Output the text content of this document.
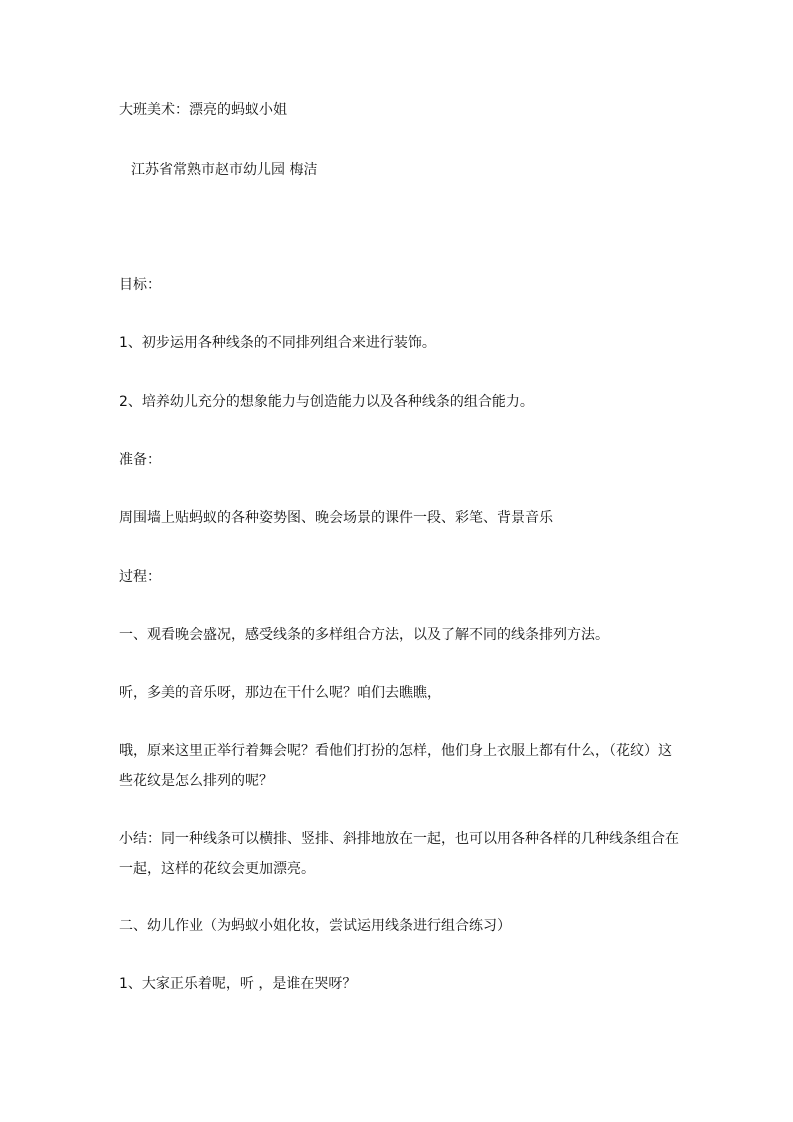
大班美术：漂亮的蚂蚁小姐
江苏省常熟市赵市幼儿园 梅洁
目标：
1、初步运用各种线条的不同排列组合来进行装饰。
2、培养幼儿充分的想象能力与创造能力以及各种线条的组合能力。
准备：
周围墙上贴蚂蚁的各种姿势图、晚会场景的课件一段、彩笔、背景音乐
过程：
一、观看晚会盛况，感受线条的多样组合方法，以及了解不同的线条排列方法。
听，多美的音乐呀，那边在干什么呢？咱们去瞧瞧，
哦，原来这里正举行着舞会呢？看他们打扮的怎样，他们身上衣服上都有什么，（花纹）这些花纹是怎么排列的呢？
小结：同一种线条可以横排、竖排、斜排地放在一起，也可以用各种各样的几种线条组合在一起，这样的花纹会更加漂亮。
二、幼儿作业（为蚂蚁小姐化妆，尝试运用线条进行组合练习）
1、大家正乐着呢，听 ，是谁在哭呀？
